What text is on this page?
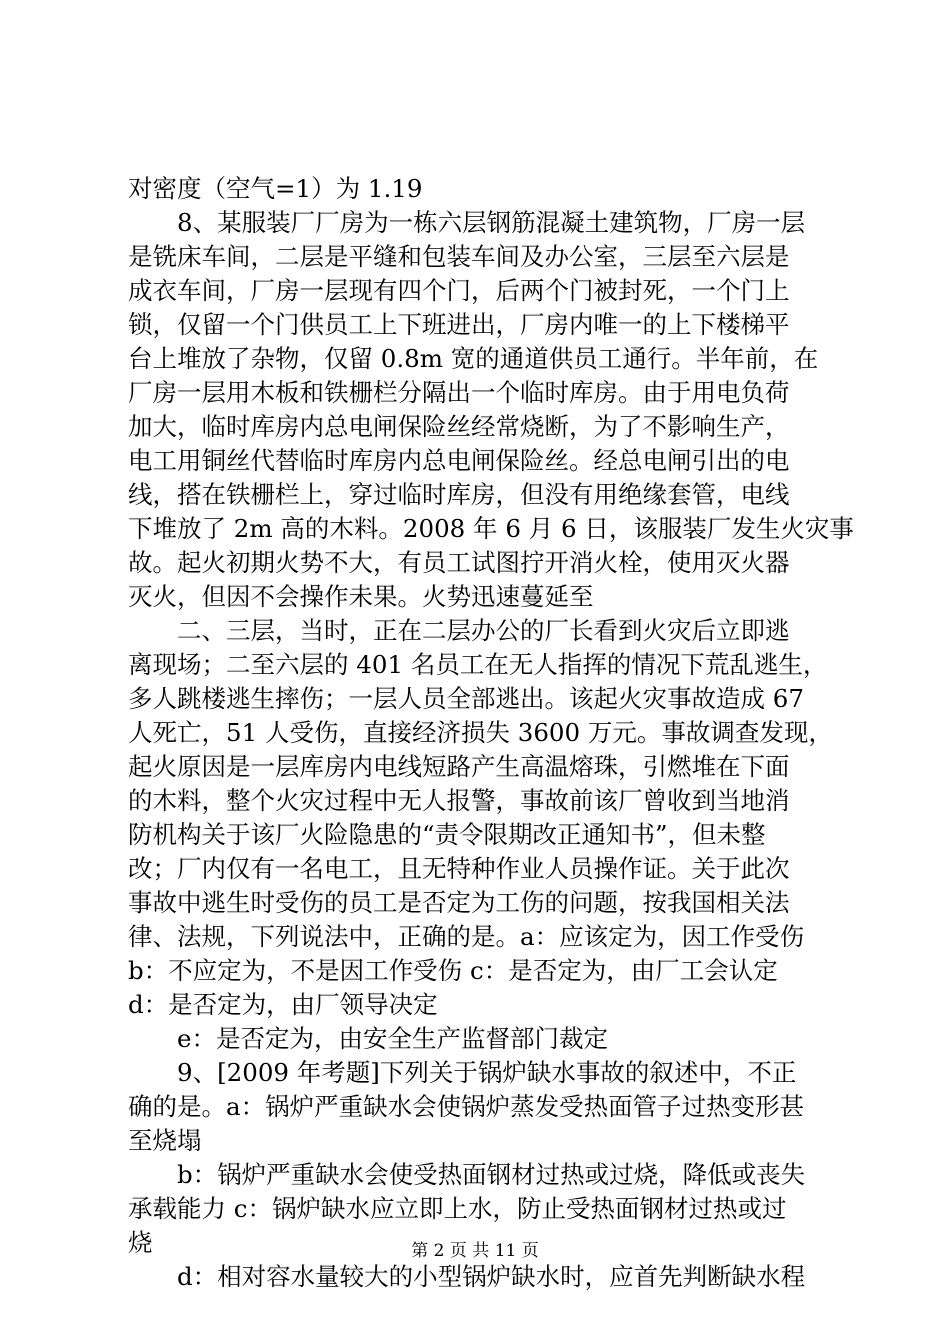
对密度（空气=1）为 1.19
8、某服装厂厂房为一栋六层钢筋混凝土建筑物，厂房一层
是铣床车间，二层是平缝和包装车间及办公室，三层至六层是
成衣车间，厂房一层现有四个门，后两个门被封死，一个门上
锁，仅留一个门供员工上下班进出，厂房内唯一的上下楼梯平
台上堆放了杂物，仅留 0.8m 宽的通道供员工通行。半年前，在
厂房一层用木板和铁栅栏分隔出一个临时库房。由于用电负荷
加大，临时库房内总电闸保险丝经常烧断，为了不影响生产，
电工用铜丝代替临时库房内总电闸保险丝。经总电闸引出的电
线，搭在铁栅栏上，穿过临时库房，但没有用绝缘套管，电线
下堆放了 2m 高的木料。2008 年 6 月 6 日，该服装厂发生火灾事
故。起火初期火势不大，有员工试图拧开消火栓，使用灭火器
灭火，但因不会操作未果。火势迅速蔓延至
二、三层，当时，正在二层办公的厂长看到火灾后立即逃
离现场；二至六层的 401 名员工在无人指挥的情况下荒乱逃生，
多人跳楼逃生摔伤；一层人员全部逃出。该起火灾事故造成 67
人死亡，51 人受伤，直接经济损失 3600 万元。事故调查发现，
起火原因是一层库房内电线短路产生高温熔珠，引燃堆在下面
的木料，整个火灾过程中无人报警，事故前该厂曾收到当地消
防机构关于该厂火险隐患的“责令限期改正通知书”，但未整
改；厂内仅有一名电工，且无特种作业人员操作证。关于此次
事故中逃生时受伤的员工是否定为工伤的问题，按我国相关法
律、法规，下列说法中，正确的是。a：应该定为，因工作受伤
b：不应定为，不是因工作受伤 c：是否定为，由厂工会认定
d：是否定为，由厂领导决定
e：是否定为，由安全生产监督部门裁定
9、[2009 年考题]下列关于锅炉缺水事故的叙述中，不正
确的是。a：锅炉严重缺水会使锅炉蒸发受热面管子过热变形甚
至烧塌
b：锅炉严重缺水会使受热面钢材过热或过烧，降低或丧失
承载能力 c：锅炉缺水应立即上水，防止受热面钢材过热或过
烧
d：相对容水量较大的小型锅炉缺水时，应首先判断缺水程
第 2 页 共 11 页
